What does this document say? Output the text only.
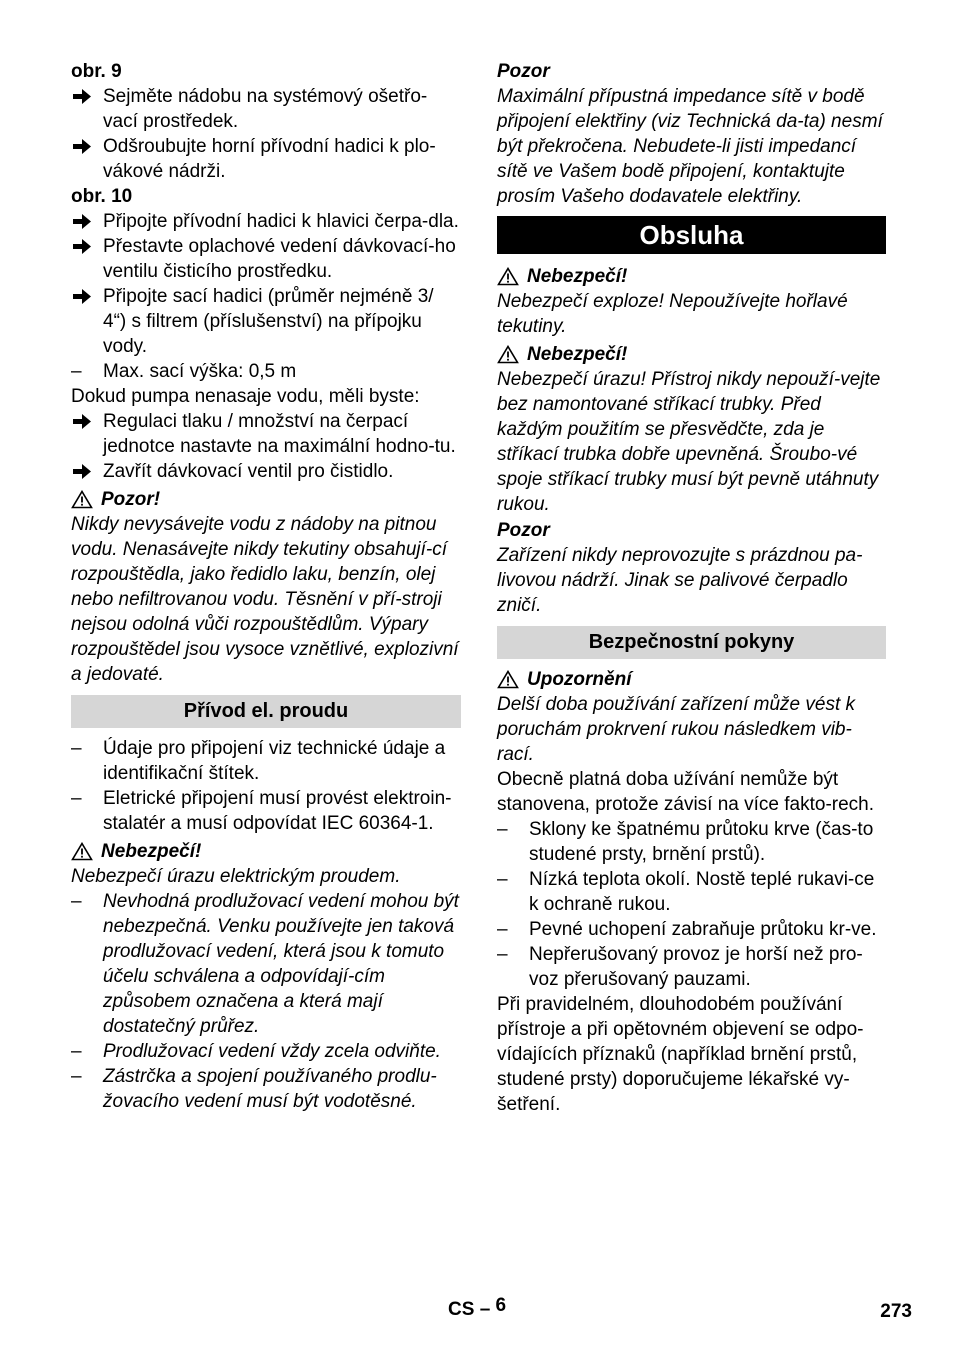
obr. 9

Sejměte nádobu na systémový ošetřo-vací prostředek.
Odšroubujte horní přívodní hadici k plo-vákové nádrži.

obr. 10

Připojte přívodní hadici k hlavici čerpa-dla.
Přestavte oplachové vedení dávkovací-ho ventilu čisticího prostředku.
Připojte sací hadici (průměr nejméně 3/ 4“) s filtrem (příslušenství) na přípojku vody.
–	Max. sací výška: 0,5 m

Dokud pumpa nenasaje vodu, měli byste:

Regulaci tlaku / množství na čerpací jednotce nastavte na maximální hodno-tu.
Zavřít dávkovací ventil pro čistidlo.
Pozor!

Nikdy nevysávejte vodu z nádoby na pitnou vodu. Nenasávejte nikdy tekutiny obsahují-cí rozpouštědla, jako ředidlo laku, benzín, olej nebo nefiltrovanou vodu. Těsnění v pří-stroji nejsou odolná vůči rozpouštědlům. Výpary rozpouštědel jsou vysoce vznětlivé, explozivní a jedovaté.

Přívod el. proudu
–	Údaje pro připojení viz technické údaje a identifikační štítek.
–	Eletrické připojení musí provést elektroin-stalatér a musí odpovídat IEC 60364-1.
Nebezpečí!

Nebezpečí úrazu elektrickým proudem.

–	Nevhodná prodlužovací vedení mohou být nebezpečná. Venku používejte jen taková prodlužovací vedení, která jsou k tomuto účelu schválena a odpovídají-cím způsobem označena a která mají dostatečný průřez.
–	Prodlužovací vedení vždy zcela odviňte.
–	Zástrčka a spojení používaného prodlu-žovacího vedení musí být vodotěsné.

Pozor

Maximální přípustná impedance sítě v bodě připojení elektřiny (viz Technická da-ta) nesmí být překročena. Nebudete-li jisti impedancí sítě ve Vašem bodě připojení, kontaktujte prosím Vašeho dodavatele elektřiny.

Obsluha
Nebezpečí!

Nebezpečí exploze! Nepoužívejte hořlavé tekutiny.

Nebezpečí!

Nebezpečí úrazu! Přístroj nikdy nepouží-vejte bez namontované stříkací trubky. Před každým použitím se přesvědčte, zda je stříkací trubka dobře upevněná. Šroubo-vé spoje stříkací trubky musí být pevně utáhnuty rukou.

Pozor

Zařízení nikdy neprovozujte s prázdnou pa-livovou nádrží. Jinak se palivové čerpadlo zničí.

Bezpečnostní pokyny
Upozornění

Delší doba používání zařízení může vést k poruchám prokrvení rukou následkem vib-rací.

Obecně platná doba užívání nemůže být stanovena, protože závisí na více fakto-rech.

–	Sklony ke špatnému průtoku krve (čas-to studené prsty, brnění prstů).
–	Nízká teplota okolí. Nostě teplé rukavi-ce k ochraně rukou.
–	Pevné uchopení zabraňuje průtoku kr-ve.
–	Nepřerušovaný provoz je horší než pro-voz přerušovaný pauzami.

Při pravidelném, dlouhodobém používání přístroje a při opětovném objevení se odpo-vídajících příznaků (například brnění prstů, studené prsty) doporučujeme lékařské vy-šetření.

CS – 6	273
